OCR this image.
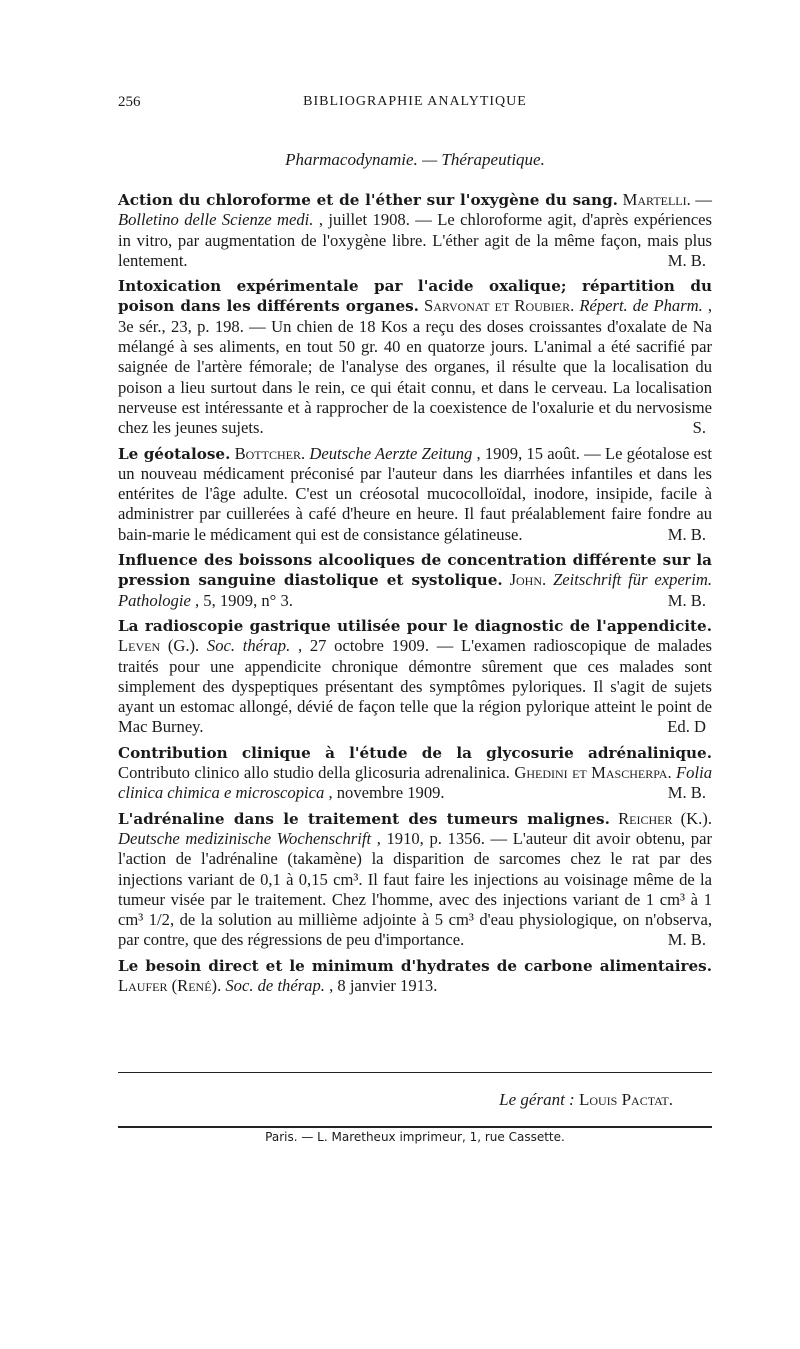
256	BIBLIOGRAPHIE ANALYTIQUE
Pharmacodynamie. — Thérapeutique.

Action du chloroforme et de l'éther sur l'oxygène du sang. Martelli. — Bolletino delle Scienze medi. , juillet 1908. — Le chloroforme agit, d'après expériences in vitro, par augmentation de l'oxygène libre. L'éther agit de la même façon, mais plus lentement.	M. B.

Intoxication expérimentale par l'acide oxalique; répartition du poison dans les différents organes. Sarvonat et Roubier. Répert. de Pharm. , 3e sér., 23, p. 198. — Un chien de 18 Kos a reçu des doses croissantes d'oxalate de Na mélangé à ses aliments, en tout 50 gr. 40 en quatorze jours. L'animal a été sacrifié par saignée de l'artère fémorale; de l'analyse des organes, il résulte que la localisation du poison a lieu surtout dans le rein, ce qui était connu, et dans le cerveau. La localisation nerveuse est intéressante et à rapprocher de la coexistence de l'oxalurie et du nervosisme chez les jeunes sujets.	S.

Le géotalose. Bottcher. Deutsche Aerzte Zeitung , 1909, 15 août. — Le géotalose est un nouveau médicament préconisé par l'auteur dans les diarrhées infantiles et dans les entérites de l'âge adulte. C'est un créosotal mucocolloïdal, inodore, insipide, facile à administrer par cuillerées à café d'heure en heure. Il faut préalablement faire fondre au bain-marie le médicament qui est de consistance gélatineuse.	M. B.

Influence des boissons alcooliques de concentration différente sur la pression sanguine diastolique et systolique. John. Zeitschrift für experim. Pathologie , 5, 1909, n° 3.	M. B.

La radioscopie gastrique utilisée pour le diagnostic de l'appendicite. Leven (G.). Soc. thérap. , 27 octobre 1909. — L'examen radioscopique de malades traités pour une appendicite chronique démontre sûrement que ces malades sont simplement des dyspeptiques présentant des symptômes pyloriques. Il s'agit de sujets ayant un estomac allongé, dévié de façon telle que la région pylorique atteint le point de Mac Burney.	Ed. D

Contribution clinique à l'étude de la glycosurie adrénalinique. Contributo clinico allo studio della glicosuria adrenalinica. Ghedini et Mascherpa. Folia clinica chimica e microscopica , novembre 1909.	M. B.

L'adrénaline dans le traitement des tumeurs malignes. Reicher (K.). Deutsche medizinische Wochenschrift , 1910, p. 1356. — L'auteur dit avoir obtenu, par l'action de l'adrénaline (takamène) la disparition de sarcomes chez le rat par des injections variant de 0,1 à 0,15 cm³. Il faut faire les injections au voisinage même de la tumeur visée par le traitement. Chez l'homme, avec des injections variant de 1 cm³ à 1 cm³ 1/2, de la solution au millième adjointe à 5 cm³ d'eau physiologique, on n'observa, par contre, que des régressions de peu d'importance.	M. B.

Le besoin direct et le minimum d'hydrates de carbone alimentaires. Laufer (René). Soc. de thérap. , 8 janvier 1913.

Le gérant : Louis Pactat.
Paris. — L. Maretheux imprimeur, 1, rue Cassette.
